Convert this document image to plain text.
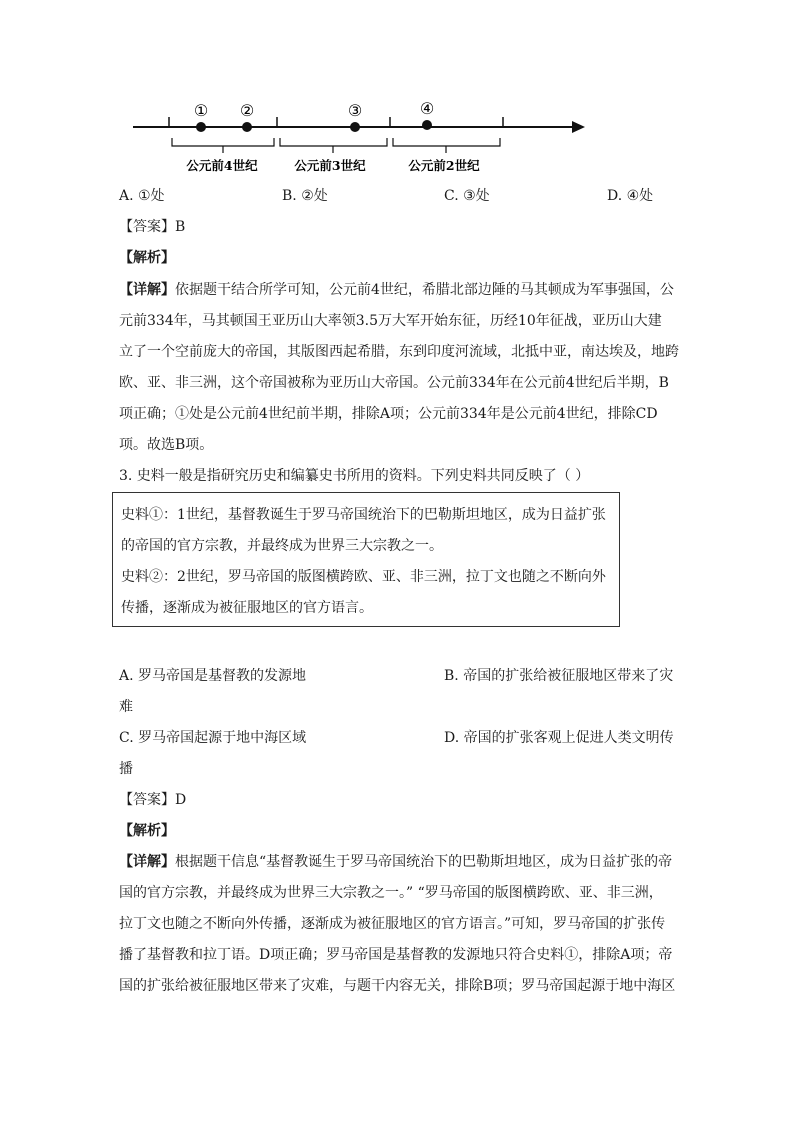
① ②	③	④
公元前4世纪	公元前3世纪	公元前2世纪
A. ①处	B. ②处	C. ③处	D. ④处
【答案】B
【解析】
【详解】依据题干结合所学可知，公元前4世纪，希腊北部边陲的马其顿成为军事强国，公
元前334年，马其顿国王亚历山大率领3.5万大军开始东征，历经10年征战，亚历山大建
立了一个空前庞大的帝国，其版图西起希腊，东到印度河流域，北抵中亚，南达埃及，地跨
欧、亚、非三洲，这个帝国被称为亚历山大帝国。公元前334年在公元前4世纪后半期，B
项正确；①处是公元前4世纪前半期，排除A项；公元前334年是公元前4世纪，排除CD
项。故选B项。
3. 史料一般是指研究历史和编纂史书所用的资料。下列史料共同反映了（ ）
史料①：1世纪，基督教诞生于罗马帝国统治下的巴勒斯坦地区，成为日益扩张
的帝国的官方宗教，并最终成为世界三大宗教之一。
史料②：2世纪，罗马帝国的版图横跨欧、亚、非三洲，拉丁文也随之不断向外
传播，逐渐成为被征服地区的官方语言。
A. 罗马帝国是基督教的发源地	B. 帝国的扩张给被征服地区带来了灾
难
C. 罗马帝国起源于地中海区域	D. 帝国的扩张客观上促进人类文明传
播
【答案】D
【解析】
【详解】根据题干信息“基督教诞生于罗马帝国统治下的巴勒斯坦地区，成为日益扩张的帝
国的官方宗教，并最终成为世界三大宗教之一。” “罗马帝国的版图横跨欧、亚、非三洲，
拉丁文也随之不断向外传播，逐渐成为被征服地区的官方语言。”可知，罗马帝国的扩张传
播了基督教和拉丁语。D项正确；罗马帝国是基督教的发源地只符合史料①，排除A项；帝
国的扩张给被征服地区带来了灾难，与题干内容无关，排除B项；罗马帝国起源于地中海区
